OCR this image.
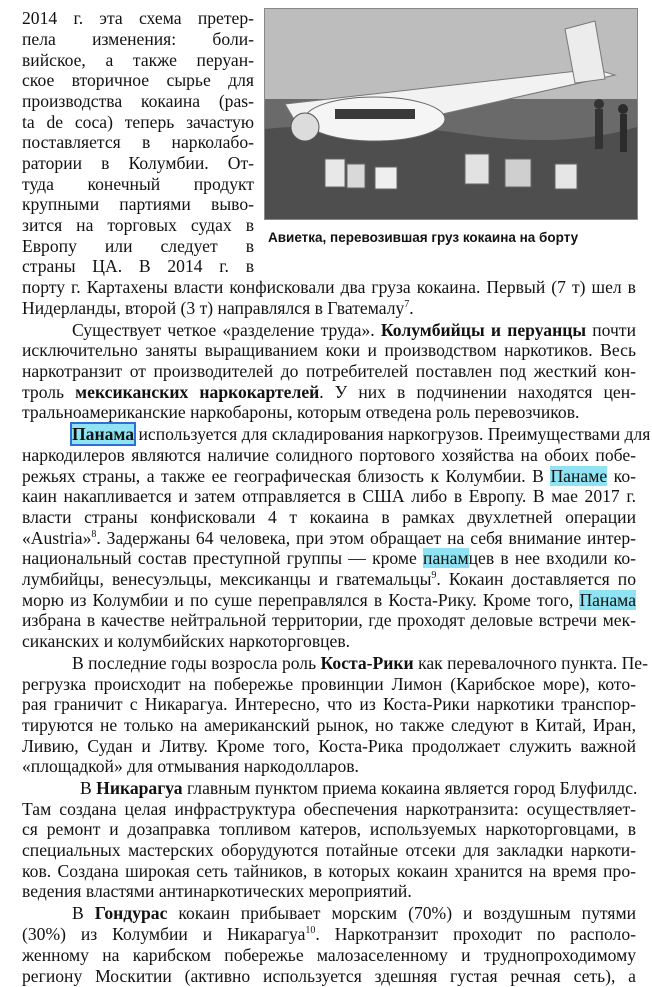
Авиетка, перевозившая груз кокаина на борту
2014 г. эта схема претер-
пела изменения: боли-
вийское, а также перуан-
ское вторичное сырье для
производства кокаина (pas-
ta de coca) теперь зачастую
поставляется в нарколабо-
ратории в Колумбии. От-
туда конечный продукт
крупными партиями выво-
зится на торговых судах в
Европу или следует в
страны ЦА. В 2014 г. в
порту г. Картахены власти конфисковали два груза кокаина. Первый (7 т) шел в
Нидерланды, второй (3 т) направлялся в Гватемалу$^7$.
Существует четкое «разделение труда». Колумбийцы и перуанцы почти
исключительно заняты выращиванием коки и производством наркотиков. Весь
наркотранзит от производителей до потребителей поставлен под жесткий кон-
троль мексиканских наркокартелей. У них в подчинении находятся цен-
тральноамериканские наркобароны, которым отведена роль перевозчиков.
Панама используется для складирования наркогрузов. Преимуществами для
наркодилеров являются наличие солидного портового хозяйства на обоих побе-
режьях страны, а также ее географическая близость к Колумбии. В Панаме ко-
каин накапливается и затем отправляется в США либо в Европу. В мае 2017 г.
власти страны конфисковали 4 т кокаина в рамках двухлетней операции
«Austria»$^8$. Задержаны 64 человека, при этом обращает на себя внимание интер-
национальный состав преступной группы — кроме панамцев в нее входили ко-
лумбийцы, венесуэльцы, мексиканцы и гватемальцы$^9$. Кокаин доставляется по
морю из Колумбии и по суше переправлялся в Коста-Рику. Кроме того, Панама
избрана в качестве нейтральной территории, где проходят деловые встречи мек-
сиканских и колумбийских наркоторговцев.
В последние годы возросла роль Коста-Рики как перевалочного пункта. Пе-
регрузка происходит на побережье провинции Лимон (Карибское море), кото-
рая граничит с Никарагуа. Интересно, что из Коста-Рики наркотики транспор-
тируются не только на американский рынок, но также следуют в Китай, Иран,
Ливию, Судан и Литву. Кроме того, Коста-Рика продолжает служить важной
«площадкой» для отмывания наркодолларов.
В Никарагуа главным пунктом приема кокаина является город Блуфилдс.
Там создана целая инфраструктура обеспечения наркотранзита: осуществляет-
ся ремонт и дозаправка топливом катеров, используемых наркоторговцами, в
специальных мастерских оборудуются потайные отсеки для закладки наркоти-
ков. Создана широкая сеть тайников, в которых кокаин хранится на время про-
ведения властями антинаркотических мероприятий.
В Гондурас кокаин прибывает морским (70%) и воздушным путями
(30%) из Колумбии и Никарагуа$^{10}$. Наркотранзит проходит по располо-
женному на карибском побережье малозаселенному и труднопроходимому
региону Москитии (активно используется здешняя густая речная сеть), а
